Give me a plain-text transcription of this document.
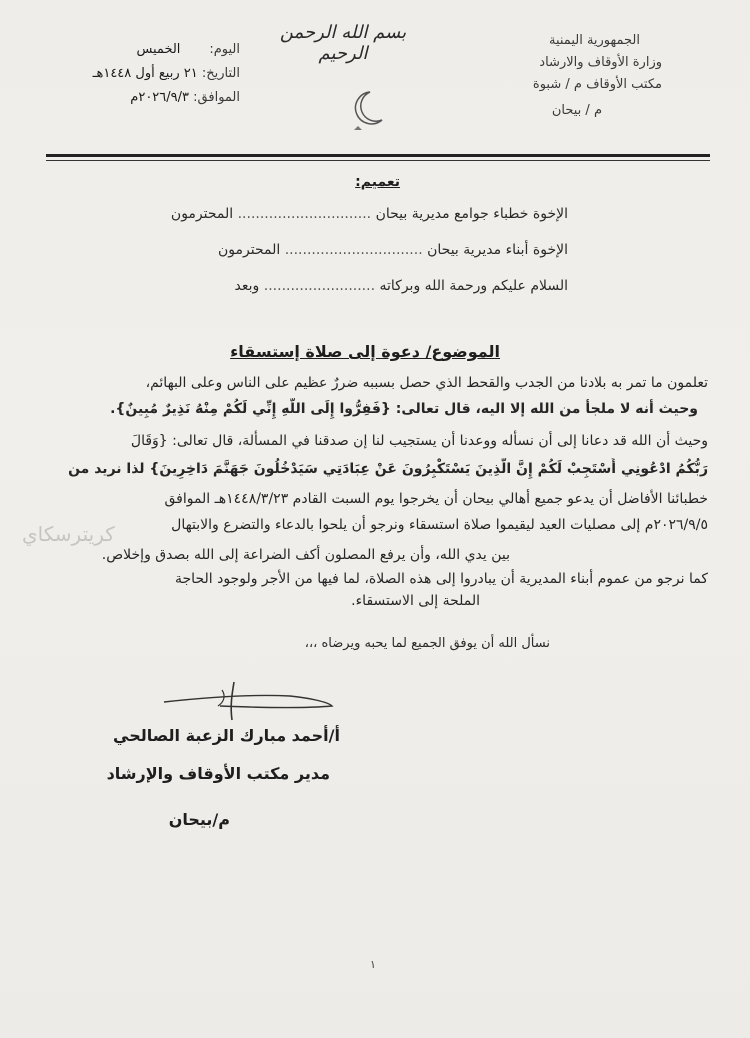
الجمهورية اليمنية
وزارة الأوقاف والارشاد
مكتب الأوقاف م / شبوة
م / بيحان
بسم الله الرحمن الرحيم
اليوم:       الخميس
التاريخ: ٢١ ربيع أول ١٤٤٨هـ
الموافق: ٢٠٢٦/٩/٣م
تعميم:
الإخوة خطباء جوامع مديرية بيحان .............................. المحترمون
الإخوة أبناء مديرية بيحان ............................... المحترمون
السلام عليكم ورحمة الله وبركاته ......................... وبعد
الموضوع/ دعوة إلى صلاة إستسقاء
تعلمون ما تمر به بلادنا من الجدب والقحط الذي حصل بسببه ضررٌ عظيم على الناس وعلى البهائم،
وحيث أنه لا ملجأ من الله إلا اليه، قال تعالى: {فَفِرُّوا إِلَى اللَّهِ إِنِّي لَكُمْ مِنْهُ نَذِيرٌ مُبِينٌ}.
وحيث أن الله قد دعانا إلى أن نسأله ووعدنا أن يستجيب لنا إن صدقنا في المسألة، قال تعالى: {وَقَالَ
رَبُّكُمُ ادْعُونِي أَسْتَجِبْ لَكُمْ إِنَّ الَّذِينَ يَسْتَكْبِرُونَ عَنْ عِبَادَتِي سَيَدْخُلُونَ جَهَنَّمَ دَاخِرِينَ} لذا نريد من
خطبائنا الأفاضل أن يدعو جميع أهالي بيحان أن يخرجوا يوم السبت القادم ١٤٤٨/٣/٢٣هـ الموافق
٢٠٢٦/٩/٥م إلى مصليات العيد ليقيموا صلاة استسقاء ونرجو أن يلحوا بالدعاء والتضرع والابتهال
بين يدي الله، وأن يرفع المصلون أكف الضراعة إلى الله بصدق وإخلاص.
كما نرجو من عموم أبناء المديرية أن يبادروا إلى هذه الصلاة، لما فيها من الأجر ولوجود الحاجة
الملحة إلى الاستسقاء.
كريترسكاي
نسأل الله أن يوفق الجميع لما يحبه ويرضاه ،،،
أ/أحمد مبارك الزعبة الصالحي
مدير مكتب الأوقاف والإرشاد
م/بيحان
١
